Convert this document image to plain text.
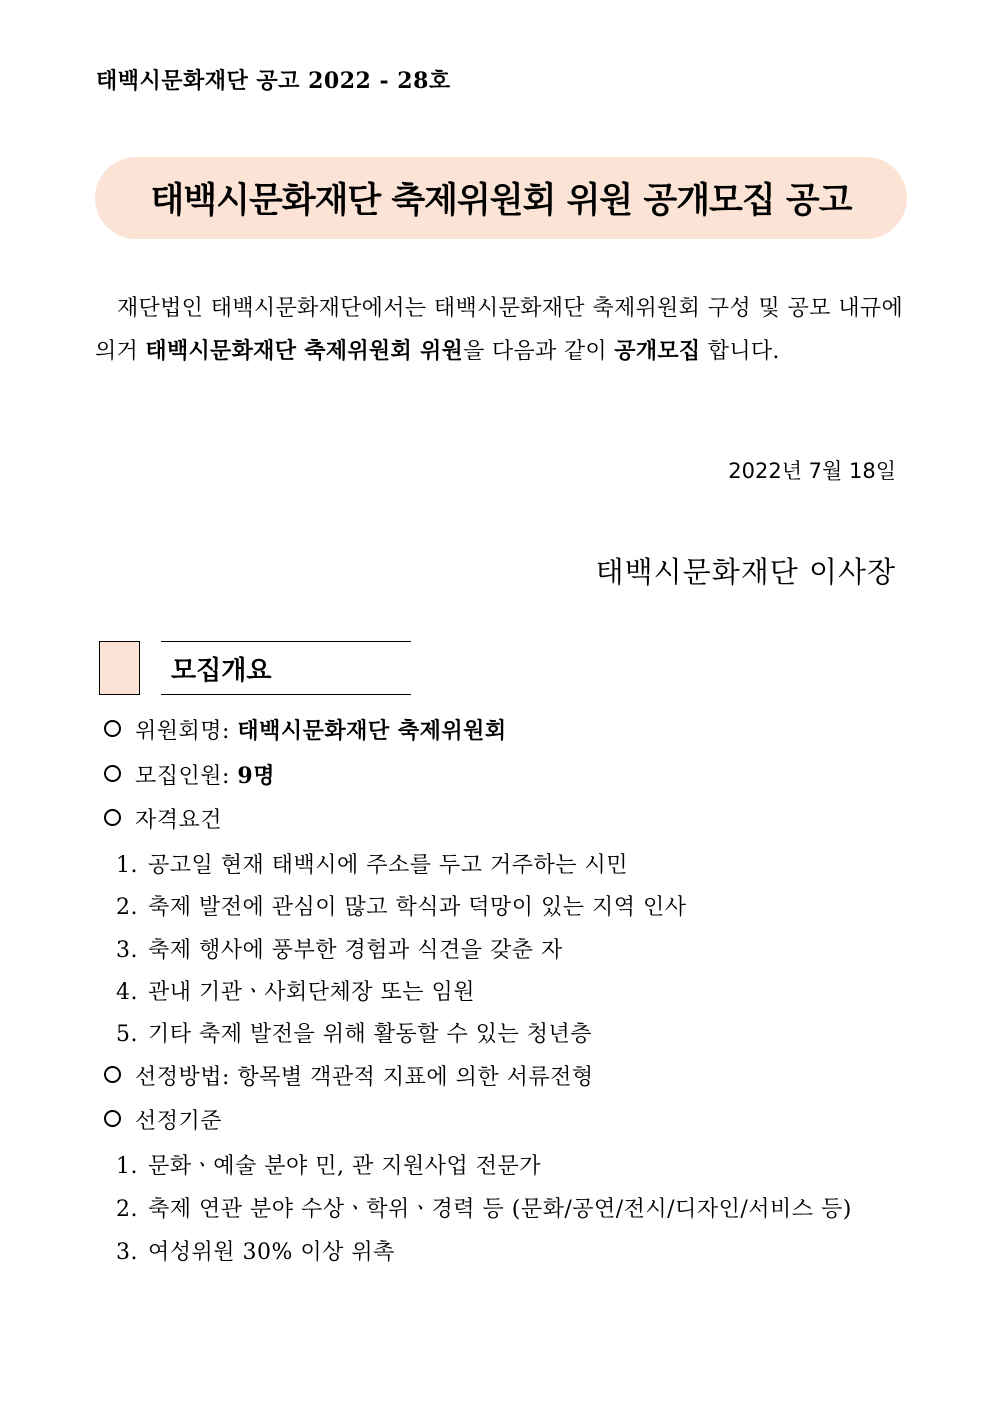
태백시문화재단 공고 2022 - 28호
태백시문화재단 축제위원회 위원 공개모집 공고
재단법인 태백시문화재단에서는 태백시문화재단 축제위원회 구성 및 공모 내규에 의거 태백시문화재단 축제위원회 위원을 다음과 같이 공개모집 합니다.
2022년 7월 18일
태백시문화재단 이사장
모집개요
위원회명: 태백시문화재단 축제위원회
모집인원: 9명
자격요건
1. 공고일 현재 태백시에 주소를 두고 거주하는 시민
2. 축제 발전에 관심이 많고 학식과 덕망이 있는 지역 인사
3. 축제 행사에 풍부한 경험과 식견을 갖춘 자
4. 관내 기관ㆍ사회단체장 또는 임원
5. 기타 축제 발전을 위해 활동할 수 있는 청년층
선정방법: 항목별 객관적 지표에 의한 서류전형
선정기준
1. 문화ㆍ예술 분야 민, 관 지원사업 전문가
2. 축제 연관 분야 수상ㆍ학위ㆍ경력 등 (문화/공연/전시/디자인/서비스 등)
3. 여성위원 30% 이상 위촉
